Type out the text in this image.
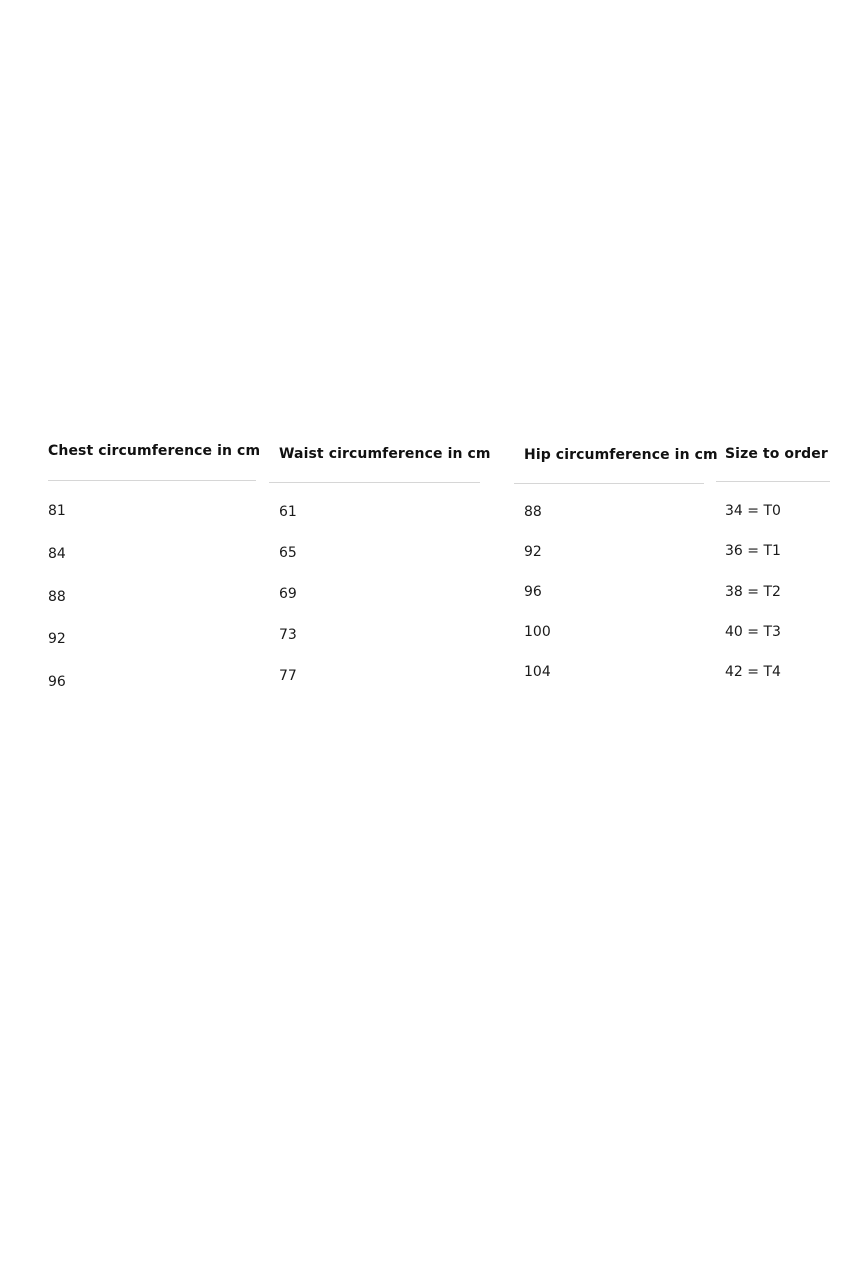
Chest circumference in cm
81
84
88
92
96
Waist circumference in cm
61
65
69
73
77
Hip circumference in cm
88
92
96
100
104
Size to order
34 = T0
36 = T1
38 = T2
40 = T3
42 = T4
